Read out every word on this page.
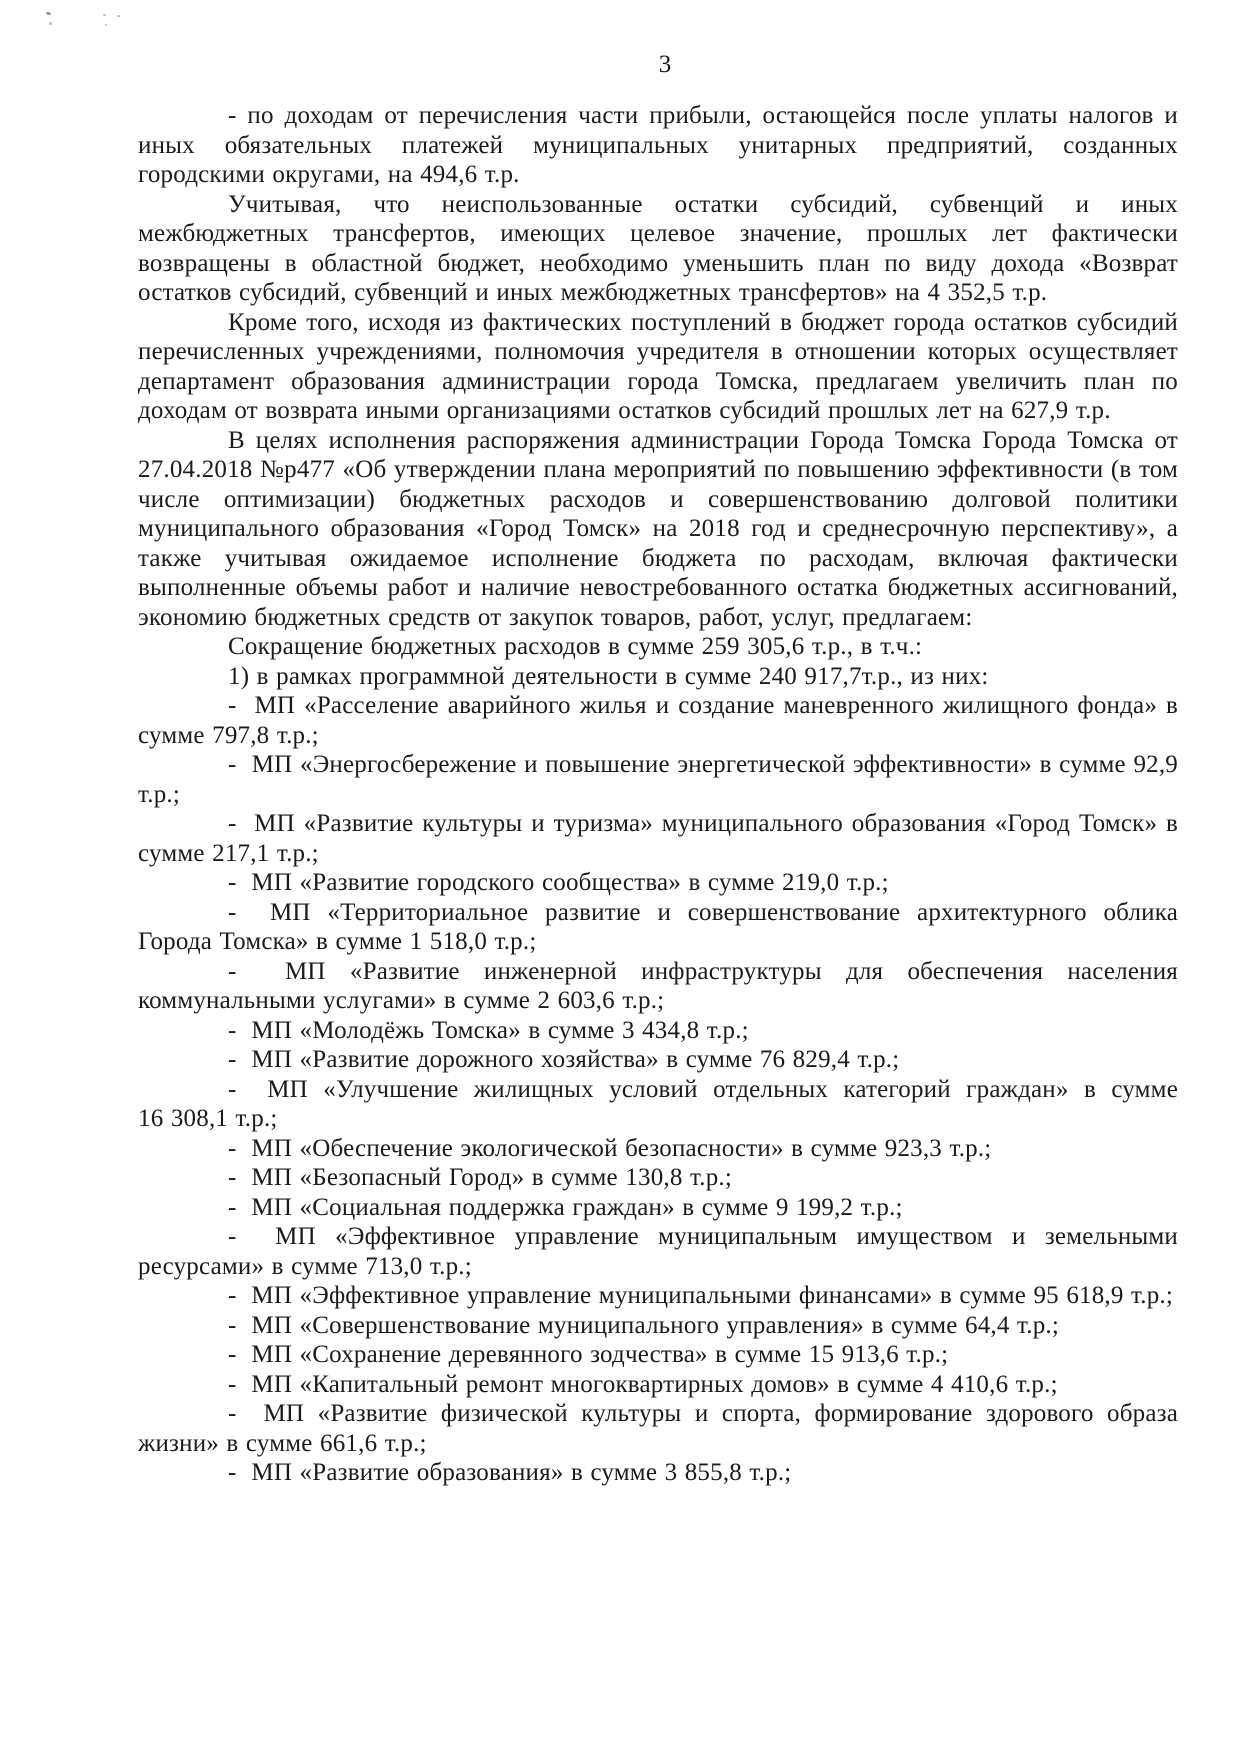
3

- по доходам от перечисления части прибыли, остающейся после уплаты налогов и иных обязательных платежей муниципальных унитарных предприятий, созданных городскими округами, на 494,6 т.р.

Учитывая, что неиспользованные остатки субсидий, субвенций и иных межбюджетных трансфертов, имеющих целевое значение, прошлых лет фактически возвращены в областной бюджет, необходимо уменьшить план по виду дохода «Возврат остатков субсидий, субвенций и иных межбюджетных трансфертов» на 4 352,5 т.р.

Кроме того, исходя из фактических поступлений в бюджет города остатков субсидий перечисленных учреждениями, полномочия учредителя в отношении которых осуществляет департамент образования администрации города Томска, предлагаем увеличить план по доходам от возврата иными организациями остатков субсидий прошлых лет на 627,9 т.р.

В целях исполнения распоряжения администрации Города Томска Города Томска от 27.04.2018 №р477 «Об утверждении плана мероприятий по повышению эффективности (в том числе оптимизации) бюджетных расходов и совершенствованию долговой политики муниципального образования «Город Томск» на 2018 год и среднесрочную перспективу», а также учитывая ожидаемое исполнение бюджета по расходам, включая фактически выполненные объемы работ и наличие невостребованного остатка бюджетных ассигнований, экономию бюджетных средств от закупок товаров, работ, услуг, предлагаем:

Сокращение бюджетных расходов в сумме 259 305,6 т.р., в т.ч.:

1) в рамках программной деятельности в сумме 240 917,7т.р., из них:

-  МП «Расселение аварийного жилья и создание маневренного жилищного фонда» в сумме 797,8 т.р.;

-  МП «Энергосбережение и повышение энергетической эффективности» в сумме 92,9 т.р.;

-  МП «Развитие культуры и туризма» муниципального образования «Город Томск» в сумме 217,1 т.р.;

-  МП «Развитие городского сообщества» в сумме 219,0 т.р.;

-  МП «Территориальное развитие и совершенствование архитектурного облика Города Томска» в сумме 1 518,0 т.р.;

-  МП «Развитие инженерной инфраструктуры для обеспечения населения коммунальными услугами» в сумме 2 603,6 т.р.;

-  МП «Молодёжь Томска» в сумме 3 434,8 т.р.;

-  МП «Развитие дорожного хозяйства» в сумме 76 829,4 т.р.;

-  МП «Улучшение жилищных условий отдельных категорий граждан» в сумме 16 308,1 т.р.;

-  МП «Обеспечение экологической безопасности» в сумме 923,3 т.р.;

-  МП «Безопасный Город» в сумме 130,8 т.р.;

-  МП «Социальная поддержка граждан» в сумме 9 199,2 т.р.;

-  МП «Эффективное управление муниципальным имуществом и земельными ресурсами» в сумме 713,0 т.р.;

-  МП «Эффективное управление муниципальными финансами» в сумме 95 618,9 т.р.;

-  МП «Совершенствование муниципального управления» в сумме 64,4 т.р.;

-  МП «Сохранение деревянного зодчества» в сумме 15 913,6 т.р.;

-  МП «Капитальный ремонт многоквартирных домов» в сумме 4 410,6 т.р.;

-  МП «Развитие физической культуры и спорта, формирование здорового образа жизни» в сумме 661,6 т.р.;

-  МП «Развитие образования» в сумме 3 855,8 т.р.;
